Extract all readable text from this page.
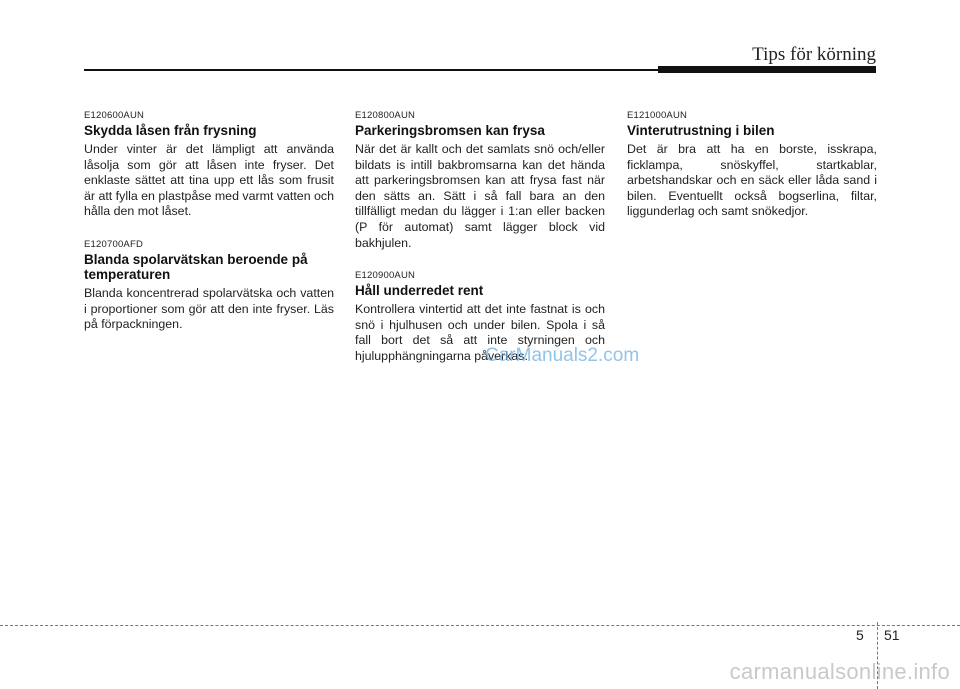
Tips för körning
E120600AUN
Skydda låsen från frysning
Under vinter är det lämpligt att använda låsolja som gör att låsen inte fryser. Det enklaste sättet att tina upp ett lås som frusit är att fylla en plastpåse med varmt vatten och hålla den mot låset.
E120700AFD
Blanda spolarvätskan beroende på temperaturen
Blanda koncentrerad spolarvätska och vatten i proportioner som gör att den inte fryser. Läs på förpackningen.
E120800AUN
Parkeringsbromsen kan frysa
När det är kallt och det samlats snö och/eller bildats is intill bakbromsarna kan det hända att parkeringsbromsen kan att frysa fast när den sätts an. Sätt i så fall bara an den tillfälligt medan du lägger i 1:an eller backen (P för automat) samt lägger block vid bakhjulen.
E120900AUN
Håll underredet rent
Kontrollera vintertid att det inte fastnat is och snö i hjulhusen och under bilen. Spola i så fall bort det så att inte styrningen och hjulupphängningarna påverkas.
E121000AUN
Vinterutrustning i bilen
Det är bra att ha en borste, isskrapa, ficklampa, snöskyffel, startkablar, arbetshandskar och en säck eller låda sand i bilen. Eventuellt också bogserlina, filtar, liggunderlag och samt snökedjor.
CarManuals2.com
5 51
carmanualsonline.info
